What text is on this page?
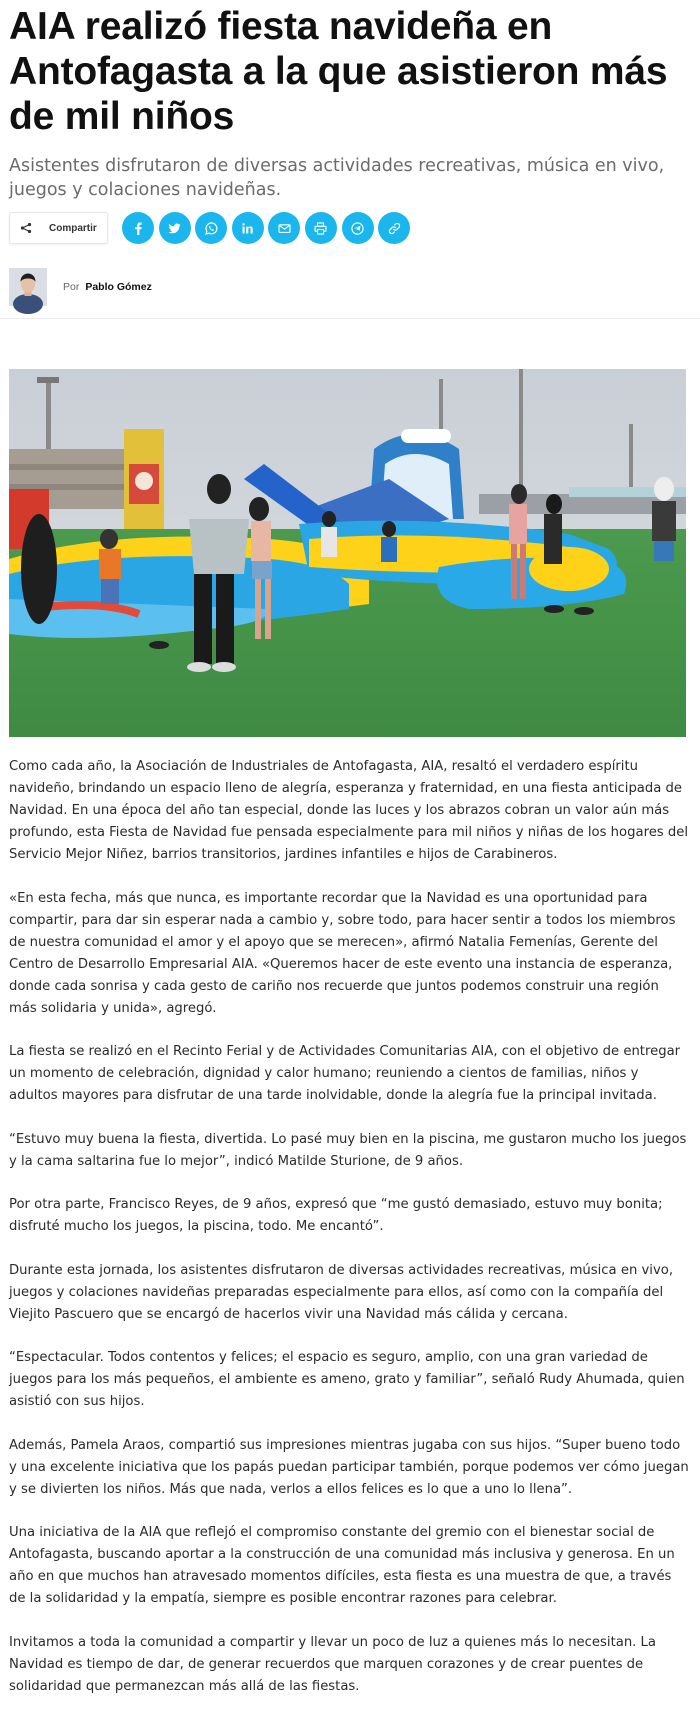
AIA realizó fiesta navideña en Antofagasta a la que asistieron más de mil niños
Asistentes disfrutaron de diversas actividades recreativas, música en vivo, juegos y colaciones navideñas.
Compartir
Por Pablo Gómez

Como cada año, la Asociación de Industriales de Antofagasta, AIA, resaltó el verdadero espíritu navideño, brindando un espacio lleno de alegría, esperanza y fraternidad, en una fiesta anticipada de Navidad. En una época del año tan especial, donde las luces y los abrazos cobran un valor aún más profundo, esta Fiesta de Navidad fue pensada especialmente para mil niños y niñas de los hogares del Servicio Mejor Niñez, barrios transitorios, jardines infantiles e hijos de Carabineros.

«En esta fecha, más que nunca, es importante recordar que la Navidad es una oportunidad para compartir, para dar sin esperar nada a cambio y, sobre todo, para hacer sentir a todos los miembros de nuestra comunidad el amor y el apoyo que se merecen», afirmó Natalia Femenías, Gerente del Centro de Desarrollo Empresarial AIA. «Queremos hacer de este evento una instancia de esperanza, donde cada sonrisa y cada gesto de cariño nos recuerde que juntos podemos construir una región más solidaria y unida», agregó.

La fiesta se realizó en el Recinto Ferial y de Actividades Comunitarias AIA, con el objetivo de entregar un momento de celebración, dignidad y calor humano; reuniendo a cientos de familias, niños y adultos mayores para disfrutar de una tarde inolvidable, donde la alegría fue la principal invitada.

“Estuvo muy buena la fiesta, divertida. Lo pasé muy bien en la piscina, me gustaron mucho los juegos y la cama saltarina fue lo mejor”, indicó Matilde Sturione, de 9 años.

Por otra parte, Francisco Reyes, de 9 años, expresó que “me gustó demasiado, estuvo muy bonita; disfruté mucho los juegos, la piscina, todo. Me encantó”.

Durante esta jornada, los asistentes disfrutaron de diversas actividades recreativas, música en vivo, juegos y colaciones navideñas preparadas especialmente para ellos, así como con la compañía del Viejito Pascuero que se encargó de hacerlos vivir una Navidad más cálida y cercana.

“Espectacular. Todos contentos y felices; el espacio es seguro, amplio, con una gran variedad de juegos para los más pequeños, el ambiente es ameno, grato y familiar”, señaló Rudy Ahumada, quien asistió con sus hijos.

Además, Pamela Araos, compartió sus impresiones mientras jugaba con sus hijos. “Super bueno todo y una excelente iniciativa que los papás puedan participar también, porque podemos ver cómo juegan y se divierten los niños. Más que nada, verlos a ellos felices es lo que a uno lo llena”.

Una iniciativa de la AIA que reflejó el compromiso constante del gremio con el bienestar social de Antofagasta, buscando aportar a la construcción de una comunidad más inclusiva y generosa. En un año en que muchos han atravesado momentos difíciles, esta fiesta es una muestra de que, a través de la solidaridad y la empatía, siempre es posible encontrar razones para celebrar.

Invitamos a toda la comunidad a compartir y llevar un poco de luz a quienes más lo necesitan. La Navidad es tiempo de dar, de generar recuerdos que marquen corazones y de crear puentes de solidaridad que permanezcan más allá de las fiestas.
